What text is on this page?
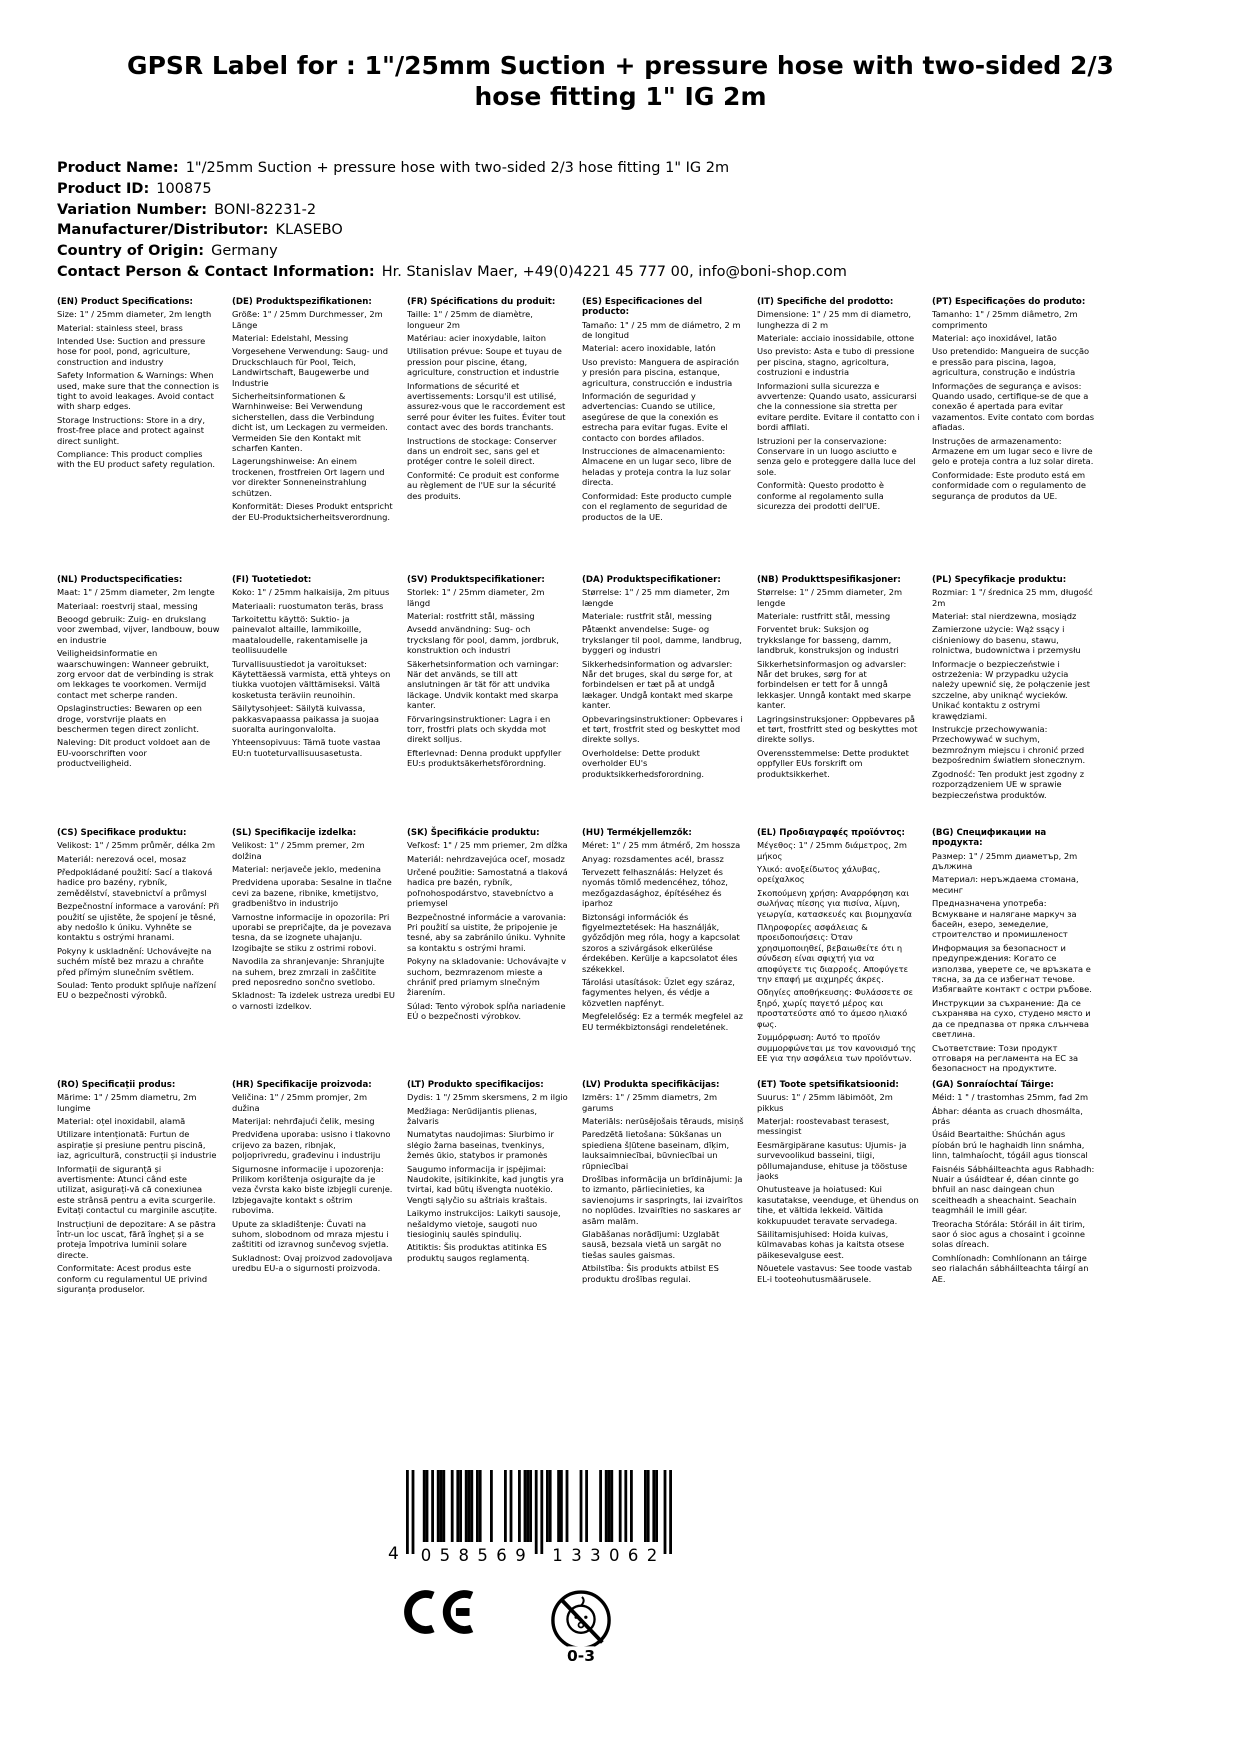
GPSR Label for : 1"/25mm Suction + pressure hose with two-sided 2/3 hose fitting 1" IG 2m
Product Name: 1"/25mm Suction + pressure hose with two-sided 2/3 hose fitting 1" IG 2m
Product ID: 100875
Variation Number: BONI-82231-2
Manufacturer/Distributor: KLASEBO
Country of Origin: Germany
Contact Person & Contact Information: Hr. Stanislav Maer, +49(0)4221 45 777 00, info@boni-shop.com
(EN) Product Specifications:

Size: 1" / 25mm diameter, 2m length

Material: stainless steel, brass

Intended Use: Suction and pressure hose for pool, pond, agriculture, construction and industry

Safety Information & Warnings: When used, make sure that the connection is tight to avoid leakages. Avoid contact with sharp edges.

Storage Instructions: Store in a dry, frost-free place and protect against direct sunlight.

Compliance: This product complies with the EU product safety regulation.

(DE) Produktspezifikationen:

Größe: 1" / 25mm Durchmesser, 2m Länge

Material: Edelstahl, Messing

Vorgesehene Verwendung: Saug- und Druckschlauch für Pool, Teich, Landwirtschaft, Baugewerbe und Industrie

Sicherheitsinformationen & Warnhinweise: Bei Verwendung sicherstellen, dass die Verbindung dicht ist, um Leckagen zu vermeiden. Vermeiden Sie den Kontakt mit scharfen Kanten.

Lagerungshinweise: An einem trockenen, frostfreien Ort lagern und vor direkter Sonneneinstrahlung schützen.

Konformität: Dieses Produkt entspricht der EU-Produktsicherheitsverordnung.

(FR) Spécifications du produit:

Taille: 1" / 25mm de diamètre, longueur 2m

Matériau: acier inoxydable, laiton

Utilisation prévue: Soupe et tuyau de pression pour piscine, étang, agriculture, construction et industrie

Informations de sécurité et avertissements: Lorsqu'il est utilisé, assurez-vous que le raccordement est serré pour éviter les fuites. Éviter tout contact avec des bords tranchants.

Instructions de stockage: Conserver dans un endroit sec, sans gel et protéger contre le soleil direct.

Conformité: Ce produit est conforme au règlement de l'UE sur la sécurité des produits.

(ES) Especificaciones del producto:

Tamaño: 1" / 25 mm de diámetro, 2 m de longitud

Material: acero inoxidable, latón

Uso previsto: Manguera de aspiración y presión para piscina, estanque, agricultura, construcción e industria

Información de seguridad y advertencias: Cuando se utilice, asegúrese de que la conexión es estrecha para evitar fugas. Evite el contacto con bordes afilados.

Instrucciones de almacenamiento: Almacene en un lugar seco, libre de heladas y proteja contra la luz solar directa.

Conformidad: Este producto cumple con el reglamento de seguridad de productos de la UE.

(IT) Specifiche del prodotto:

Dimensione: 1" / 25 mm di diametro, lunghezza di 2 m

Materiale: acciaio inossidabile, ottone

Uso previsto: Asta e tubo di pressione per piscina, stagno, agricoltura, costruzioni e industria

Informazioni sulla sicurezza e avvertenze: Quando usato, assicurarsi che la connessione sia stretta per evitare perdite. Evitare il contatto con i bordi affilati.

Istruzioni per la conservazione: Conservare in un luogo asciutto e senza gelo e proteggere dalla luce del sole.

Conformità: Questo prodotto è conforme al regolamento sulla sicurezza dei prodotti dell'UE.

(PT) Especificações do produto:

Tamanho: 1" / 25mm diâmetro, 2m comprimento

Material: aço inoxidável, latão

Uso pretendido: Mangueira de sucção e pressão para piscina, lagoa, agricultura, construção e indústria

Informações de segurança e avisos: Quando usado, certifique-se de que a conexão é apertada para evitar vazamentos. Evite contato com bordas afiadas.

Instruções de armazenamento: Armazene em um lugar seco e livre de gelo e proteja contra a luz solar direta.

Conformidade: Este produto está em conformidade com o regulamento de segurança de produtos da UE.

(NL) Productspecificaties:

Maat: 1" / 25mm diameter, 2m lengte

Materiaal: roestvrij staal, messing

Beoogd gebruik: Zuig- en drukslang voor zwembad, vijver, landbouw, bouw en industrie

Veiligheidsinformatie en waarschuwingen: Wanneer gebruikt, zorg ervoor dat de verbinding is strak om lekkages te voorkomen. Vermijd contact met scherpe randen.

Opslaginstructies: Bewaren op een droge, vorstvrije plaats en beschermen tegen direct zonlicht.

Naleving: Dit product voldoet aan de EU-voorschriften voor productveiligheid.

(FI) Tuotetiedot:

Koko: 1" / 25mm halkaisija, 2m pituus

Materiaali: ruostumaton teräs, brass

Tarkoitettu käyttö: Suktio- ja painevalot altaille, lammikoille, maataloudelle, rakentamiselle ja teollisuudelle

Turvallisuustiedot ja varoitukset: Käytettäessä varmista, että yhteys on tiukka vuotojen välttämiseksi. Vältä kosketusta teräviin reunoihin.

Säilytysohjeet: Säilytä kuivassa, pakkasvapaassa paikassa ja suojaa suoralta auringonvalolta.

Yhteensopivuus: Tämä tuote vastaa EU:n tuoteturvallisuusasetusta.

(SV) Produktspecifikationer:

Storlek: 1" / 25mm diameter, 2m längd

Material: rostfritt stål, mässing

Avsedd användning: Sug- och tryckslang för pool, damm, jordbruk, konstruktion och industri

Säkerhetsinformation och varningar: När det används, se till att anslutningen är tät för att undvika läckage. Undvik kontakt med skarpa kanter.

Förvaringsinstruktioner: Lagra i en torr, frostfri plats och skydda mot direkt solljus.

Efterlevnad: Denna produkt uppfyller EU:s produktsäkerhetsförordning.

(DA) Produktspecifikationer:

Størrelse: 1" / 25 mm diameter, 2m længde

Materiale: rustfrit stål, messing

Påtænkt anvendelse: Suge- og trykslanger til pool, damme, landbrug, byggeri og industri

Sikkerhedsinformation og advarsler: Når det bruges, skal du sørge for, at forbindelsen er tæt på at undgå lækager. Undgå kontakt med skarpe kanter.

Opbevaringsinstruktioner: Opbevares i et tørt, frostfrit sted og beskyttet mod direkte sollys.

Overholdelse: Dette produkt overholder EU's produktsikkerhedsforordning.

(NB) Produkttspesifikasjoner:

Størrelse: 1" / 25mm diameter, 2m lengde

Materiale: rustfritt stål, messing

Forventet bruk: Suksjon og trykkslange for basseng, damm, landbruk, konstruksjon og industri

Sikkerhetsinformasjon og advarsler: Når det brukes, sørg for at forbindelsen er tett for å unngå lekkasjer. Unngå kontakt med skarpe kanter.

Lagringsinstruksjoner: Oppbevares på et tørt, frostfritt sted og beskyttes mot direkte sollys.

Overensstemmelse: Dette produktet oppfyller EUs forskrift om produktsikkerhet.

(PL) Specyfikacje produktu:

Rozmiar: 1 "/ średnica 25 mm, długość 2m

Materiał: stal nierdzewna, mosiądz

Zamierzone użycie: Wąż ssący i ciśnieniowy do basenu, stawu, rolnictwa, budownictwa i przemysłu

Informacje o bezpieczeństwie i ostrzeżenia: W przypadku użycia należy upewnić się, że połączenie jest szczelne, aby uniknąć wycieków. Unikać kontaktu z ostrymi krawędziami.

Instrukcje przechowywania: Przechowywać w suchym, bezmroźnym miejscu i chronić przed bezpośrednim światłem słonecznym.

Zgodność: Ten produkt jest zgodny z rozporządzeniem UE w sprawie bezpieczeństwa produktów.

(CS) Specifikace produktu:

Velikost: 1" / 25mm průměr, délka 2m

Materiál: nerezová ocel, mosaz

Předpokládané použití: Sací a tlaková hadice pro bazény, rybník, zemědělství, stavebnictví a průmysl

Bezpečnostní informace a varování: Při použití se ujistěte, že spojení je těsné, aby nedošlo k úniku. Vyhněte se kontaktu s ostrými hranami.

Pokyny k uskladnění: Uchovávejte na suchém místě bez mrazu a chraňte před přímým slunečním světlem.

Soulad: Tento produkt splňuje nařízení EU o bezpečnosti výrobků.

(SL) Specifikacije izdelka:

Velikost: 1" / 25mm premer, 2m dolžina

Material: nerjaveče jeklo, medenina

Predvidena uporaba: Sesalne in tlačne cevi za bazene, ribnike, kmetijstvo, gradbeništvo in industrijo

Varnostne informacije in opozorila: Pri uporabi se prepričajte, da je povezava tesna, da se izognete uhajanju. Izogibajte se stiku z ostrimi robovi.

Navodila za shranjevanje: Shranjujte na suhem, brez zmrzali in zaščitite pred neposredno sončno svetlobo.

Skladnost: Ta izdelek ustreza uredbi EU o varnosti izdelkov.

(SK) Špecifikácie produktu:

Veľkosť: 1" / 25 mm priemer, 2m dĺžka

Materiál: nehrdzavejúca oceľ, mosadz

Určené použitie: Samostatná a tlaková hadica pre bazén, rybník, poľnohospodárstvo, stavebníctvo a priemysel

Bezpečnostné informácie a varovania: Pri použití sa uistite, že pripojenie je tesné, aby sa zabránilo úniku. Vyhnite sa kontaktu s ostrými hrami.

Pokyny na skladovanie: Uchovávajte v suchom, bezmrazenom mieste a chrániť pred priamym slnečným žiarením.

Súlad: Tento výrobok spĺňa nariadenie EÚ o bezpečnosti výrobkov.

(HU) Termékjellemzők:

Méret: 1" / 25 mm átmérő, 2m hossza

Anyag: rozsdamentes acél, brassz

Tervezett felhasználás: Helyzet és nyomás tömlő medencéhez, tóhoz, mezőgazdasághoz, építéséhez és iparhoz

Biztonsági információk és figyelmeztetések: Ha használják, győződjön meg róla, hogy a kapcsolat szoros a szivárgások elkerülése érdekében. Kerülje a kapcsolatot éles székekkel.

Tárolási utasítások: Üzlet egy száraz, fagymentes helyen, és védje a közvetlen napfényt.

Megfelelőség: Ez a termék megfelel az EU termékbiztonsági rendeletének.

(EL) Προδιαγραφές προϊόντος:

Μέγεθος: 1" / 25mm διάμετρος, 2m μήκος

Υλικό: ανοξείδωτος χάλυβας, ορείχαλκος

Σκοπούμενη χρήση: Αναρρόφηση και σωλήνας πίεσης για πισίνα, λίμνη, γεωργία, κατασκευές και βιομηχανία

Πληροφορίες ασφάλειας & προειδοποιήσεις: Όταν χρησιμοποιηθεί, βεβαιωθείτε ότι η σύνδεση είναι σφιχτή για να αποφύγετε τις διαρροές. Αποφύγετε την επαφή με αιχμηρές άκρες.

Οδηγίες αποθήκευσης: Φυλάσσετε σε ξηρό, χωρίς παγετό μέρος και προστατεύστε από το άμεσο ηλιακό φως.

Συμμόρφωση: Αυτό το προϊόν συμμορφώνεται με τον κανονισμό της ΕΕ για την ασφάλεια των προϊόντων.

(BG) Спецификации на продукта:

Размер: 1" / 25mm диаметър, 2m дължина

Материал: неръждаема стомана, месинг

Предназначена употреба: Всмукване и налягане маркуч за басейн, езеро, земеделие, строителство и промишленост

Информация за безопасност и предупреждения: Когато се използва, уверете се, че връзката е тясна, за да се избегнат течове. Избягвайте контакт с остри ръбове.

Инструкции за съхранение: Да се съхранява на сухо, студено място и да се предпазва от пряка слънчева светлина.

Съответствие: Този продукт отговаря на регламента на ЕС за безопасност на продуктите.

(RO) Specificații produs:

Mărime: 1" / 25mm diametru, 2m lungime

Material: oțel inoxidabil, alamă

Utilizare intenționată: Furtun de aspirație și presiune pentru piscină, iaz, agricultură, construcții și industrie

Informații de siguranță și avertismente: Atunci când este utilizat, asigurați-vă că conexiunea este strânsă pentru a evita scurgerile. Evitați contactul cu marginile ascuțite.

Instrucțiuni de depozitare: A se păstra într-un loc uscat, fără îngheț și a se proteja împotriva luminii solare directe.

Conformitate: Acest produs este conform cu regulamentul UE privind siguranța produselor.

(HR) Specifikacije proizvoda:

Veličina: 1" / 25mm promjer, 2m dužina

Materijal: nehrđajući čelik, mesing

Predviđena uporaba: usisno i tlakovno crijevo za bazen, ribnjak, poljoprivredu, građevinu i industriju

Sigurnosne informacije i upozorenja: Prilikom korištenja osigurajte da je veza čvrsta kako biste izbjegli curenje. Izbjegavajte kontakt s oštrim rubovima.

Upute za skladištenje: Čuvati na suhom, slobodnom od mraza mjestu i zaštititi od izravnog sunčevog svjetla.

Sukladnost: Ovaj proizvod zadovoljava uredbu EU-a o sigurnosti proizvoda.

(LT) Produkto specifikacijos:

Dydis: 1 "/ 25mm skersmens, 2 m ilgio

Medžiaga: Nerūdijantis plienas, žalvaris

Numatytas naudojimas: Siurbimo ir slėgio žarna baseinas, tvenkinys, žemės ūkio, statybos ir pramonės

Saugumo informacija ir įspėjimai: Naudokite, įsitikinkite, kad jungtis yra tvirtai, kad būtų išvengta nuotėkio. Vengti sąlyčio su aštriais kraštais.

Laikymo instrukcijos: Laikyti sausoje, nešaldymo vietoje, saugoti nuo tiesioginių saulės spindulių.

Atitiktis: Šis produktas atitinka ES produktų saugos reglamentą.

(LV) Produkta specifikācijas:

Izmērs: 1" / 25mm diametrs, 2m garums

Materiāls: nerūsējošais tērauds, misiņš

Paredzētā lietošana: Sūkšanas un spiediena šļūtene baseinam, dīķim, lauksaimniecībai, būvniecībai un rūpniecībai

Drošības informācija un brīdinājumi: Ja to izmanto, pārliecinieties, ka savienojums ir saspringts, lai izvairītos no noplūdes. Izvairīties no saskares ar asām malām.

Glabāšanas norādījumi: Uzglabāt sausā, bezsala vietā un sargāt no tiešas saules gaismas.

Atbilstība: Šis produkts atbilst ES produktu drošības regulai.

(ET) Toote spetsifikatsioonid:

Suurus: 1" / 25mm läbimõõt, 2m pikkus

Materjal: roostevabast terasest, messingist

Eesmärgipärane kasutus: Ujumis- ja survevoolikud basseini, tiigi, põllumajanduse, ehituse ja tööstuse jaoks

Ohutusteave ja hoiatused: Kui kasutatakse, veenduge, et ühendus on tihe, et vältida lekkeid. Vältida kokkupuudet teravate servadega.

Säilitamisjuhised: Hoida kuivas, külmavabas kohas ja kaitsta otsese päikesevalguse eest.

Nõuetele vastavus: See toode vastab EL-i tooteohutusmäärusele.

(GA) Sonraíochtaí Táirge:

Méid: 1 " / trastomhas 25mm, fad 2m

Ábhar: déanta as cruach dhosmálta, prás

Úsáid Beartaithe: Shúchán agus píobán brú le haghaidh linn snámha, linn, talmhaíocht, tógáil agus tionscal

Faisnéis Sábháilteachta agus Rabhadh: Nuair a úsáidtear é, déan cinnte go bhfuil an nasc daingean chun sceitheadh a sheachaint. Seachain teagmháil le imill géar.

Treoracha Stórála: Stóráil in áit tirim, saor ó sioc agus a chosaint i gcoinne solas díreach.

Comhlíonadh: Comhlíonann an táirge seo rialachán sábháilteachta táirgí an AE.

4 058569 133062
0-3
